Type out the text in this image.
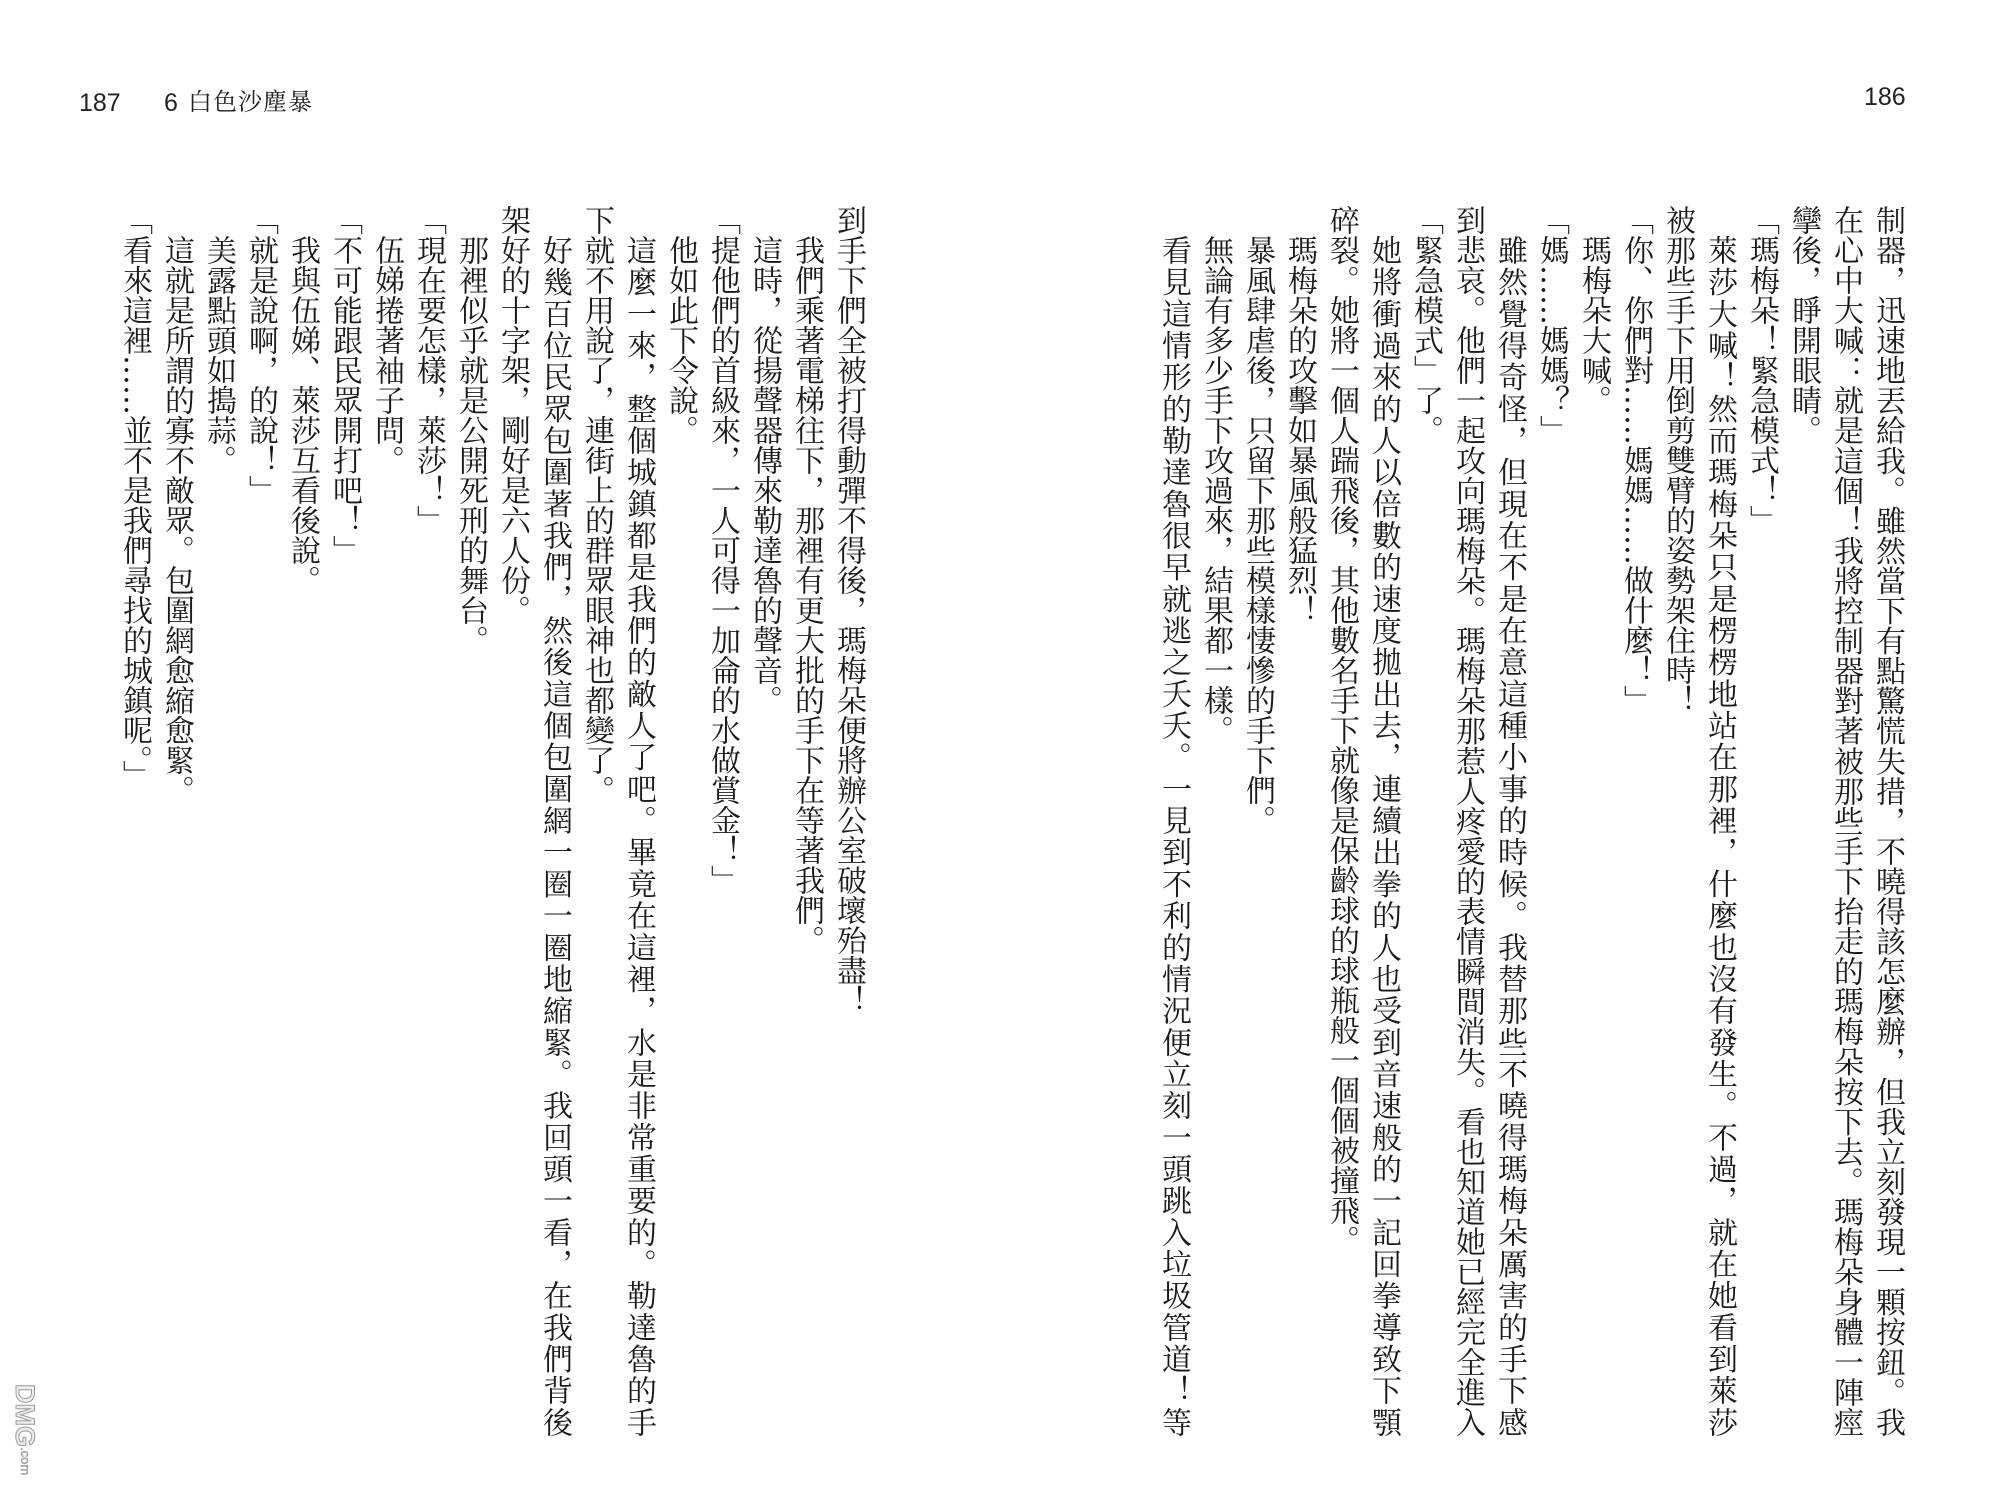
187 6 白色沙塵暴
到手下們全被打得動彈不得後，瑪梅朵便將辦公室破壞殆盡！
我們乘著電梯往下，那裡有更大批的手下在等著我們。
這時，從揚聲器傳來勒達魯的聲音。
「提他們的首級來，一人可得一加侖的水做賞金！」
他如此下令說。
這麼一來，整個城鎮都是我們的敵人了吧。畢竟在這裡，水是非常重要的。勒達魯的手
下就不用說了，連街上的群眾眼神也都變了。
好幾百位民眾包圍著我們，然後這個包圍網一圈一圈地縮緊。我回頭一看，在我們背後
架好的十字架，剛好是六人份。
那裡似乎就是公開死刑的舞台。
「現在要怎樣，萊莎！」
伍娣捲著袖子問。
「不可能跟民眾開打吧！」
我與伍娣、萊莎互看後說。
「就是說啊，的說！」
美露點頭如搗蒜。
這就是所謂的寡不敵眾。包圍網愈縮愈緊。
「看來這裡……並不是我們尋找的城鎮呢。」
DMG.com
186
制器，迅速地丟給我。雖然當下有點驚慌失措，不曉得該怎麼辦，但我立刻發現一顆按鈕。我
在心中大喊：就是這個！我將控制器對著被那些手下抬走的瑪梅朵按下去。瑪梅朵身體一陣痙
攣後，睜開眼睛。
「瑪梅朵！緊急模式！」
萊莎大喊！然而瑪梅朵只是楞楞地站在那裡，什麼也沒有發生。不過，就在她看到萊莎
被那些手下用倒剪雙臂的姿勢架住時！
「你、你們對……媽媽……做什麼！」
瑪梅朵大喊。
「媽……媽媽？」
雖然覺得奇怪，但現在不是在意這種小事的時候。我替那些不曉得瑪梅朵厲害的手下感
到悲哀。他們一起攻向瑪梅朵。瑪梅朵那惹人疼愛的表情瞬間消失。看也知道她已經完全進入
「緊急模式」了。
她將衝過來的人以倍數的速度拋出去，連續出拳的人也受到音速般的一記回拳導致下顎
碎裂。她將一個人踹飛後，其他數名手下就像是保齡球的球瓶般一個個被撞飛。
瑪梅朵的攻擊如暴風般猛烈！
暴風肆虐後，只留下那些模樣悽慘的手下們。
無論有多少手下攻過來，結果都一樣。
看見這情形的勒達魯很早就逃之夭夭。一見到不利的情況便立刻一頭跳入垃圾管道！等
